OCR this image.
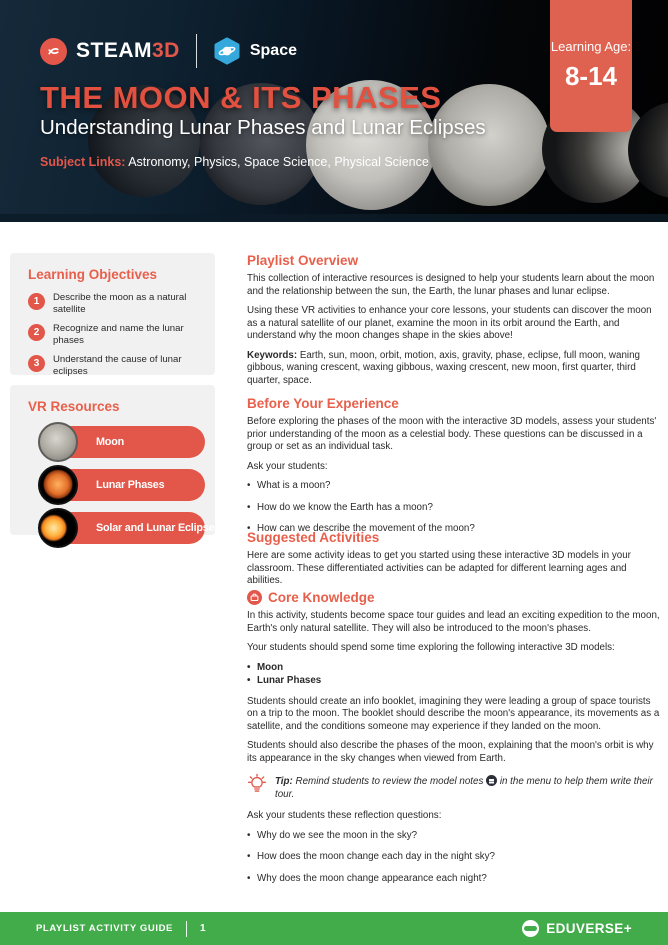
STEAM3D	Space
THE MOON & ITS PHASES
Understanding Lunar Phases and Lunar Eclipses
Subject Links: Astronomy, Physics, Space Science, Physical Science
Learning Age:
8-14
Learning Objectives
1	Describe the moon as a natural satellite
2	Recognize and name the lunar phases
3	Understand the cause of lunar eclipses
VR Resources
Moon
Lunar Phases
Solar and Lunar Eclipses
Playlist Overview

This collection of interactive resources is designed to help your students learn about the moon and the relationship between the sun, the Earth, the lunar phases and lunar eclipse.

Using these VR activities to enhance your core lessons, your students can discover the moon as a natural satellite of our planet, examine the moon in its orbit around the Earth, and understand why the moon changes shape in the skies above!

Keywords: Earth, sun, moon, orbit, motion, axis, gravity, phase, eclipse, full moon, waning gibbous, waning crescent, waxing gibbous, waxing crescent, new moon, first quarter, third quarter, space.

Before Your Experience

Before exploring the phases of the moon with the interactive 3D models, assess your students' prior understanding of the moon as a celestial body. These questions can be discussed in a group or set as an individual task.

Ask your students:

• What is a moon?
• How do we know the Earth has a moon?
• How can we describe the movement of the moon?
Suggested Activities

Here are some activity ideas to get you started using these interactive 3D models in your classroom. These differentiated activities can be adapted for different learning ages and abilities.

Core Knowledge

In this activity, students become space tour guides and lead an exciting expedition to the moon, Earth's only natural satellite. They will also be introduced to the moon's phases.

Your students should spend some time exploring the following interactive 3D models:

• Moon
• Lunar Phases

Students should create an info booklet, imagining they were leading a group of space tourists on a trip to the moon. The booklet should describe the moon's appearance, its movements as a satellite, and the conditions someone may experience if they landed on the moon.

Students should also describe the phases of the moon, explaining that the moon's orbit is why its appearance in the sky changes when viewed from Earth.

Tip: Remind students to review the model notes  in the menu to help them write their tour.

Ask your students these reflection questions:

• Why do we see the moon in the sky?
• How does the moon change each day in the night sky?
• Why does the moon change appearance each night?
PLAYLIST ACTIVITY GUIDE	1	EDUVERSE+
